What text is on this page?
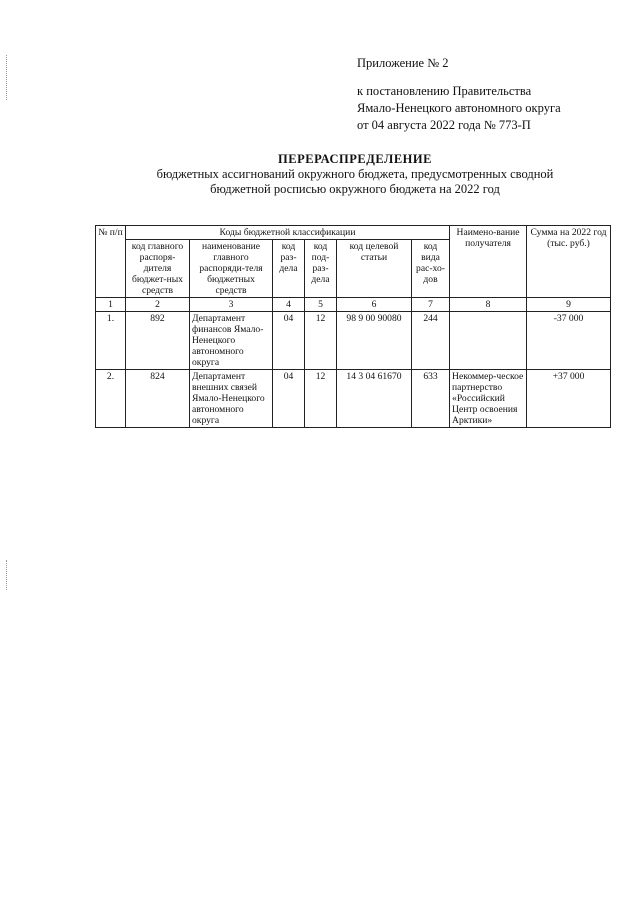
Приложение № 2
к постановлению Правительства
Ямало-Ненецкого автономного округа
от 04 августа 2022 года № 773-П
ПЕРЕРАСПРЕДЕЛЕНИЕ
бюджетных ассигнований окружного бюджета, предусмотренных сводной
бюджетной росписью окружного бюджета на 2022 год
№ п/п	Коды бюджетной классификации						Наимено-вание получателя	Сумма на 2022 год (тыс. руб.)
	код главного распоря-дителя бюджет-ных средств	наименование главного распоряди-теля бюджетных средств	код раз-дела	код под-раз-дела	код целевой статьи	код вида рас-хо-дов		
1	2	3	4	5	6	7	8	9
1.	892	Департамент финансов Ямало-Ненецкого автономного округа	04	12	98 9 00 90080	244		-37 000
2.	824	Департамент внешних связей Ямало-Ненецкого автономного округа	04	12	14 3 04 61670	633	Некоммер-ческое партнерство «Российский Центр освоения Арктики»	+37 000
